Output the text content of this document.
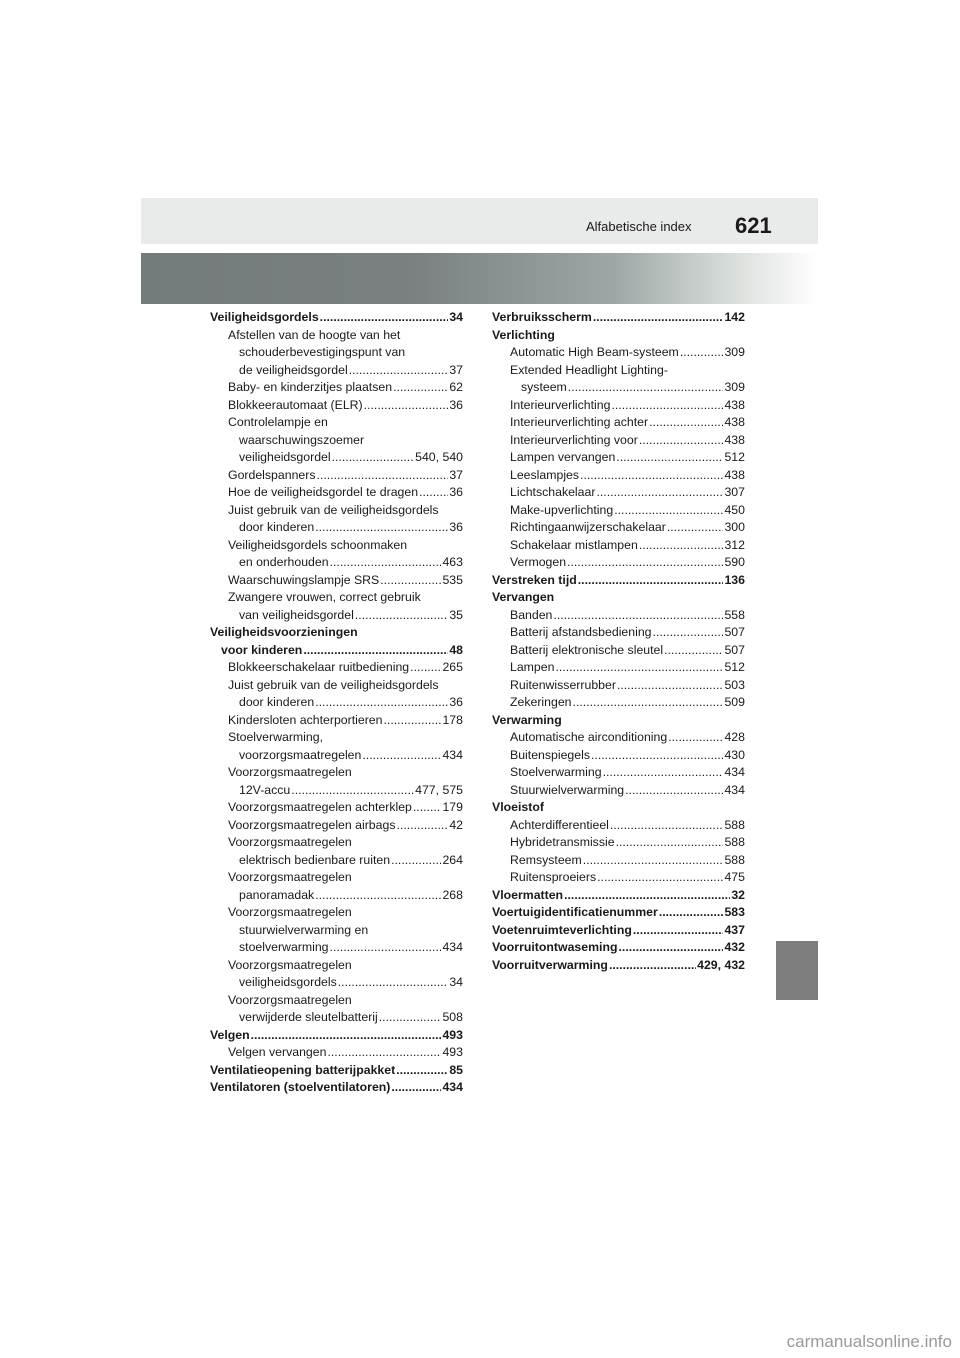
Alfabetische index 621
Veiligheidsgordels .....	34
Afstellen van de hoogte van het
schouderbevestigingspunt van
de veiligheidsgordel .....	37
Baby- en kinderzitjes plaatsen .....	62
Blokkeerautomaat (ELR) .....	36
Controlelampje en
waarschuwingszoemer
veiligheidsgordel .....	540, 540
Gordelspanners .....	37
Hoe de veiligheidsgordel te dragen .....	36
Juist gebruik van de veiligheidsgordels
door kinderen .....	36
Veiligheidsgordels schoonmaken
en onderhouden .....	463
Waarschuwingslampje SRS .....	535
Zwangere vrouwen, correct gebruik
van veiligheidsgordel .....	35
Veiligheidsvoorzieningen
voor kinderen .....	48
Blokkeerschakelaar ruitbediening .....	265
Juist gebruik van de veiligheidsgordels
door kinderen .....	36
Kindersloten achterportieren .....	178
Stoelverwarming,
voorzorgsmaatregelen .....	434
Voorzorgsmaatregelen
12V-accu .....	477, 575
Voorzorgsmaatregelen achterklep ..... 179
Voorzorgsmaatregelen airbags .....	42
Voorzorgsmaatregelen
elektrisch bedienbare ruiten .....	264
Voorzorgsmaatregelen
panoramadak .....	268
Voorzorgsmaatregelen
stuurwielverwarming en
stoelverwarming .....	434
Voorzorgsmaatregelen
veiligheidsgordels .....	34
Voorzorgsmaatregelen
verwijderde sleutelbatterij .....	508
Velgen .....	493
Velgen vervangen .....	493
Ventilatieopening batterijpakket .....	85
Ventilatoren (stoelventilatoren) .....	434
Verbruiksscherm .....	142
Verlichting
Automatic High Beam-systeem .....	309
Extended Headlight Lighting-
systeem .....	309
Interieurverlichting .....	438
Interieurverlichting achter .....	438
Interieurverlichting voor .....	438
Lampen vervangen .....	512
Leeslampjes .....	438
Lichtschakelaar .....	307
Make-upverlichting .....	450
Richtingaanwijzerschakelaar .....	300
Schakelaar mistlampen .....	312
Vermogen .....	590
Verstreken tijd .....	136
Vervangen
Banden .....	558
Batterij afstandsbediening .....	507
Batterij elektronische sleutel .....	507
Lampen .....	512
Ruitenwisserrubber .....	503
Zekeringen .....	509
Verwarming
Automatische airconditioning .....	428
Buitenspiegels .....	430
Stoelverwarming .....	434
Stuurwielverwarming .....	434
Vloeistof
Achterdifferentieel .....	588
Hybridetransmissie .....	588
Remsysteem .....	588
Ruitensproeiers .....	475
Vloermatten .....	32
Voertuigidentificatienummer .....	583
Voetenruimteverlichting .....	437
Voorruitontwaseming .....	432
Voorruitverwarming .....	429, 432
carmanualsonline.info
